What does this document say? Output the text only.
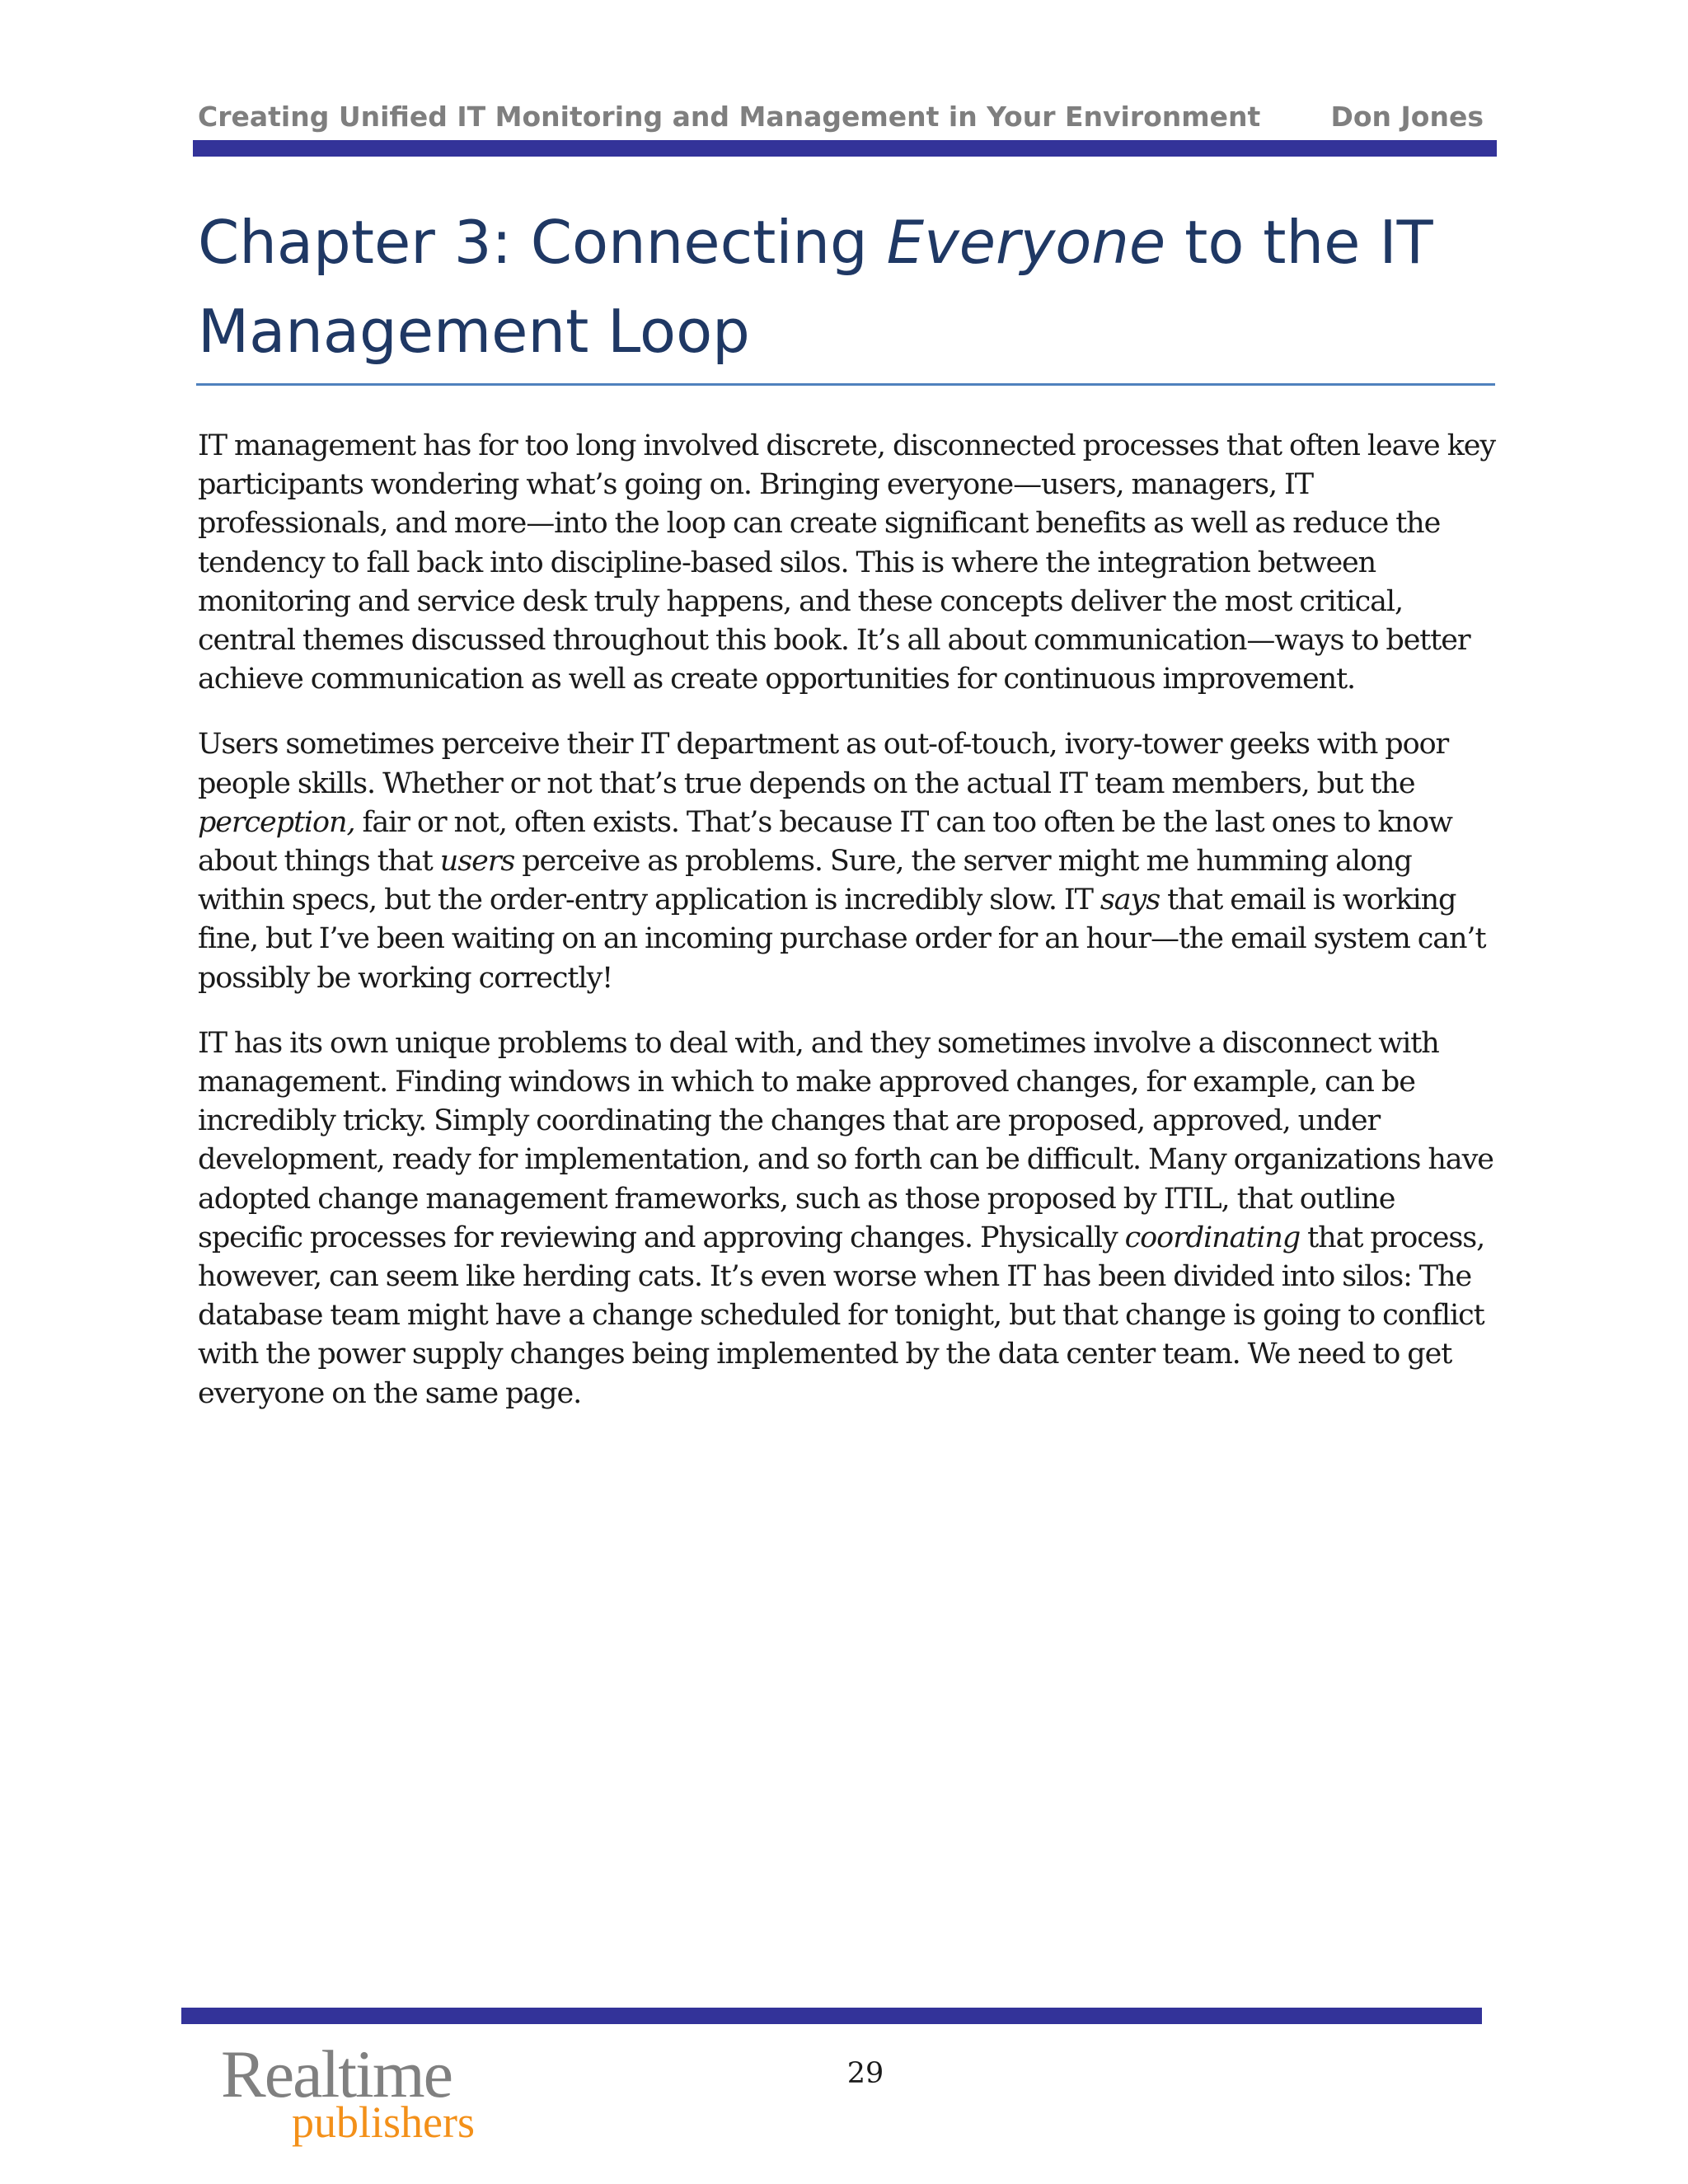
Creating Unified IT Monitoring and Management in Your Environment	Don Jones
Chapter 3: Connecting Everyone to the IT Management Loop

IT management has for too long involved discrete, disconnected processes that often leave key participants wondering what’s going on. Bringing everyone—users, managers, IT professionals, and more—into the loop can create significant benefits as well as reduce the tendency to fall back into discipline-based silos. This is where the integration between monitoring and service desk truly happens, and these concepts deliver the most critical, central themes discussed throughout this book. It’s all about communication—ways to better achieve communication as well as create opportunities for continuous improvement.

Users sometimes perceive their IT department as out-of-touch, ivory-tower geeks with poor people skills. Whether or not that’s true depends on the actual IT team members, but the perception, fair or not, often exists. That’s because IT can too often be the last ones to know about things that users perceive as problems. Sure, the server might me humming along within specs, but the order-entry application is incredibly slow. IT says that email is working fine, but I’ve been waiting on an incoming purchase order for an hour—the email system can’t possibly be working correctly!

IT has its own unique problems to deal with, and they sometimes involve a disconnect with management. Finding windows in which to make approved changes, for example, can be incredibly tricky. Simply coordinating the changes that are proposed, approved, under development, ready for implementation, and so forth can be difficult. Many organizations have adopted change management frameworks, such as those proposed by ITIL, that outline specific processes for reviewing and approving changes. Physically coordinating that process, however, can seem like herding cats. It’s even worse when IT has been divided into silos: The database team might have a change scheduled for tonight, but that change is going to conflict with the power supply changes being implemented by the data center team. We need to get everyone on the same page.

Realtime
publishers
29
